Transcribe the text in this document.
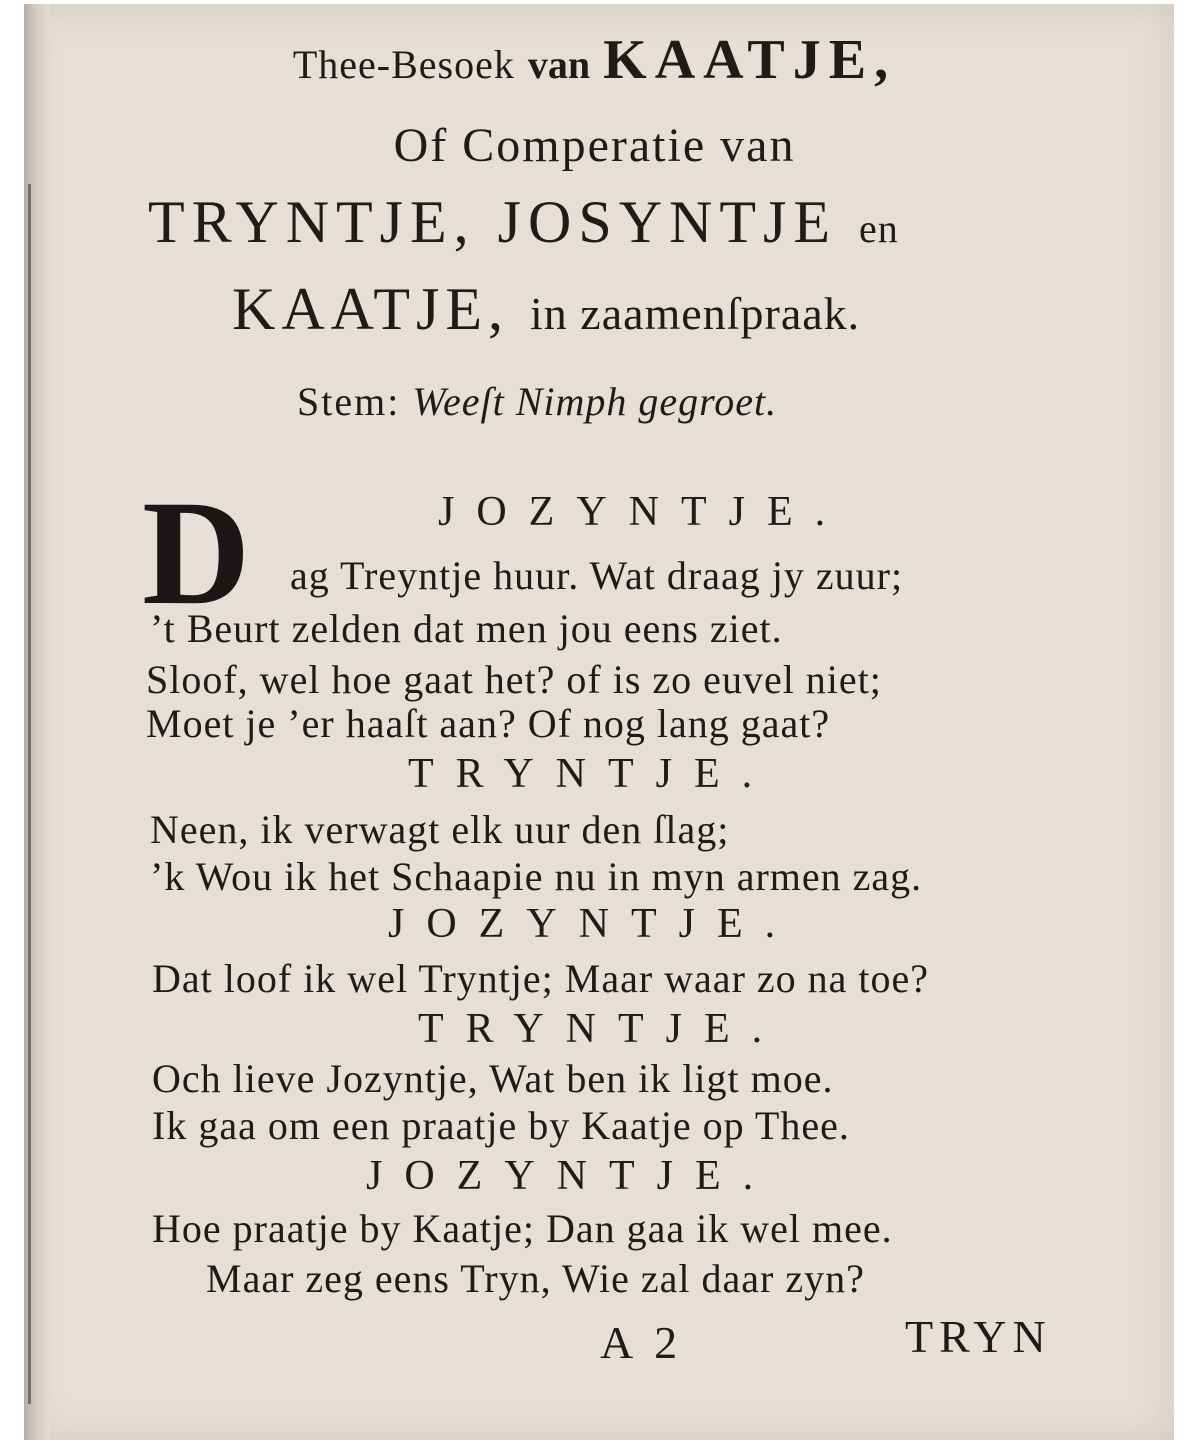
Thee-Besoek van KAATJE,
Of Comperatie van
TRYNTJE, JOSYNTJE en
KAATJE, in zaamenſpraak.
Stem: Weeſt Nimph gegroet.
D	JOZYNTJE.
ag Treyntje huur. Wat draag jy zuur;
’t Beurt zelden dat men jou eens ziet.
Sloof, wel hoe gaat het? of is zo euvel niet;
Moet je ’er haaſt aan? Of nog lang gaat?
TRYNTJE.
Neen, ik verwagt elk uur den ſlag;
’k Wou ik het Schaapie nu in myn armen zag.
JOZYNTJE.
Dat loof ik wel Tryntje; Maar waar zo na toe?
TRYNTJE.
Och lieve Jozyntje, Wat ben ik ligt moe.
Ik gaa om een praatje by Kaatje op Thee.
JOZYNTJE.
Hoe praatje by Kaatje; Dan gaa ik wel mee.
Maar zeg eens Tryn, Wie zal daar zyn?
A 2	TRYN
